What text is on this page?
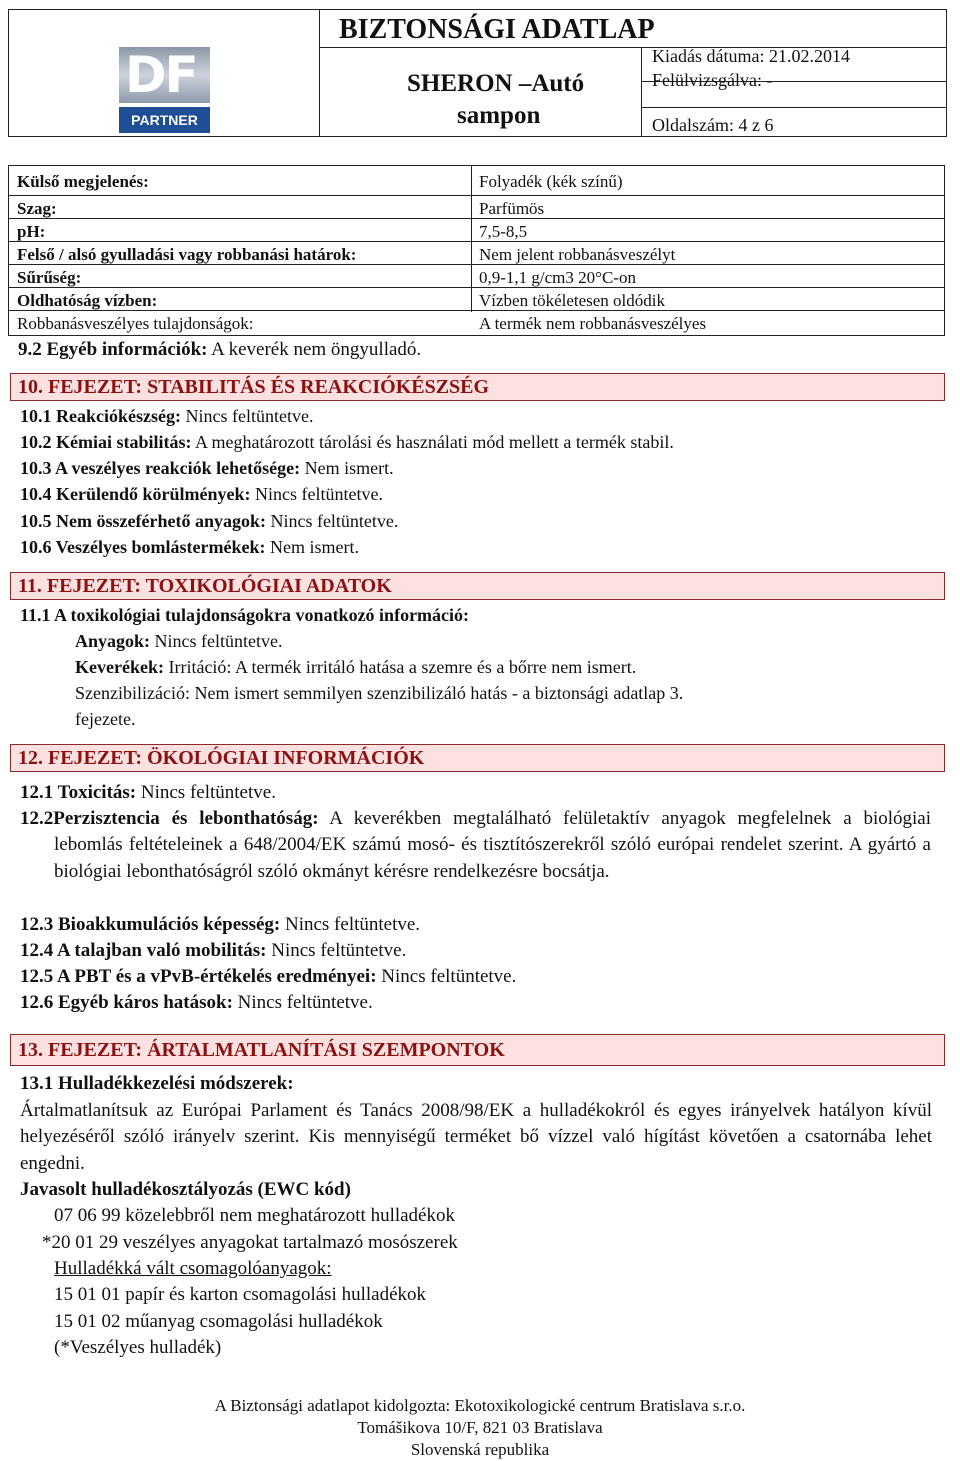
DF
PARTNER
BIZTONSÁGI ADATLAP
SHERON –Autó
sampon
Kiadás dátuma: 21.02.2014
Felülvizsgálva: -
Oldalszám: 4 z 6
Külső megjelenés:	Folyadék (kék színű)
Szag:	Parfümös
pH:	7,5-8,5
Felső / alsó gyulladási vagy robbanási határok:	Nem jelent robbanásveszélyt
Sűrűség:	0,9-1,1 g/cm3 20°C-on
Oldhatóság vízben:	Vízben tökéletesen oldódik
Robbanásveszélyes tulajdonságok:	A termék nem robbanásveszélyes
9.2 Egyéb információk: A keverék nem öngyulladó.
10. FEJEZET: STABILITÁS ÉS REAKCIÓKÉSZSÉG
10.1 Reakciókészség: Nincs feltüntetve.
10.2 Kémiai stabilitás: A meghatározott tárolási és használati mód mellett a termék stabil.
10.3 A veszélyes reakciók lehetősége: Nem ismert.
10.4 Kerülendő körülmények: Nincs feltüntetve.
10.5 Nem összeférhető anyagok: Nincs feltüntetve.
10.6 Veszélyes bomlástermékek: Nem ismert.
11. FEJEZET: TOXIKOLÓGIAI ADATOK
11.1 A toxikológiai tulajdonságokra vonatkozó információ:
Anyagok: Nincs feltüntetve.
Keverékek: Irritáció: A termék irritáló hatása a szemre és a bőrre nem ismert.
Szenzibilizáció: Nem ismert semmilyen szenzibilizáló hatás - a biztonsági adatlap 3.
fejezete.
12. FEJEZET: ÖKOLÓGIAI INFORMÁCIÓK
12.1 Toxicitás: Nincs feltüntetve.
12.2Perzisztencia és lebonthatóság: A keverékben megtalálható felületaktív anyagok megfelelnek a biológiai lebomlás feltételeinek a 648/2004/EK számú mosó- és tisztítószerekről szóló európai rendelet szerint. A gyártó a biológiai lebonthatóságról szóló okmányt kérésre rendelkezésre bocsátja.
12.3 Bioakkumulációs képesség: Nincs feltüntetve.
12.4 A talajban való mobilitás: Nincs feltüntetve.
12.5 A PBT és a vPvB-értékelés eredményei: Nincs feltüntetve.
12.6 Egyéb káros hatások: Nincs feltüntetve.
13. FEJEZET: ÁRTALMATLANÍTÁSI SZEMPONTOK
13.1 Hulladékkezelési módszerek:
Ártalmatlanítsuk az Európai Parlament és Tanács 2008/98/EK a hulladékokról és egyes irányelvek hatályon kívül helyezéséről szóló irányelv szerint. Kis mennyiségű terméket bő vízzel való hígítást követően a csatornába lehet engedni.
Javasolt hulladékosztályozás (EWC kód)
07 06 99 közelebbről nem meghatározott hulladékok
*20 01 29 veszélyes anyagokat tartalmazó mosószerek
Hulladékká vált csomagolóanyagok:
15 01 01 papír és karton csomagolási hulladékok
15 01 02 műanyag csomagolási hulladékok
(*Veszélyes hulladék)
A Biztonsági adatlapot kidolgozta: Ekotoxikologické centrum Bratislava s.r.o.
Tomášikova 10/F, 821 03 Bratislava
Slovenská republika
